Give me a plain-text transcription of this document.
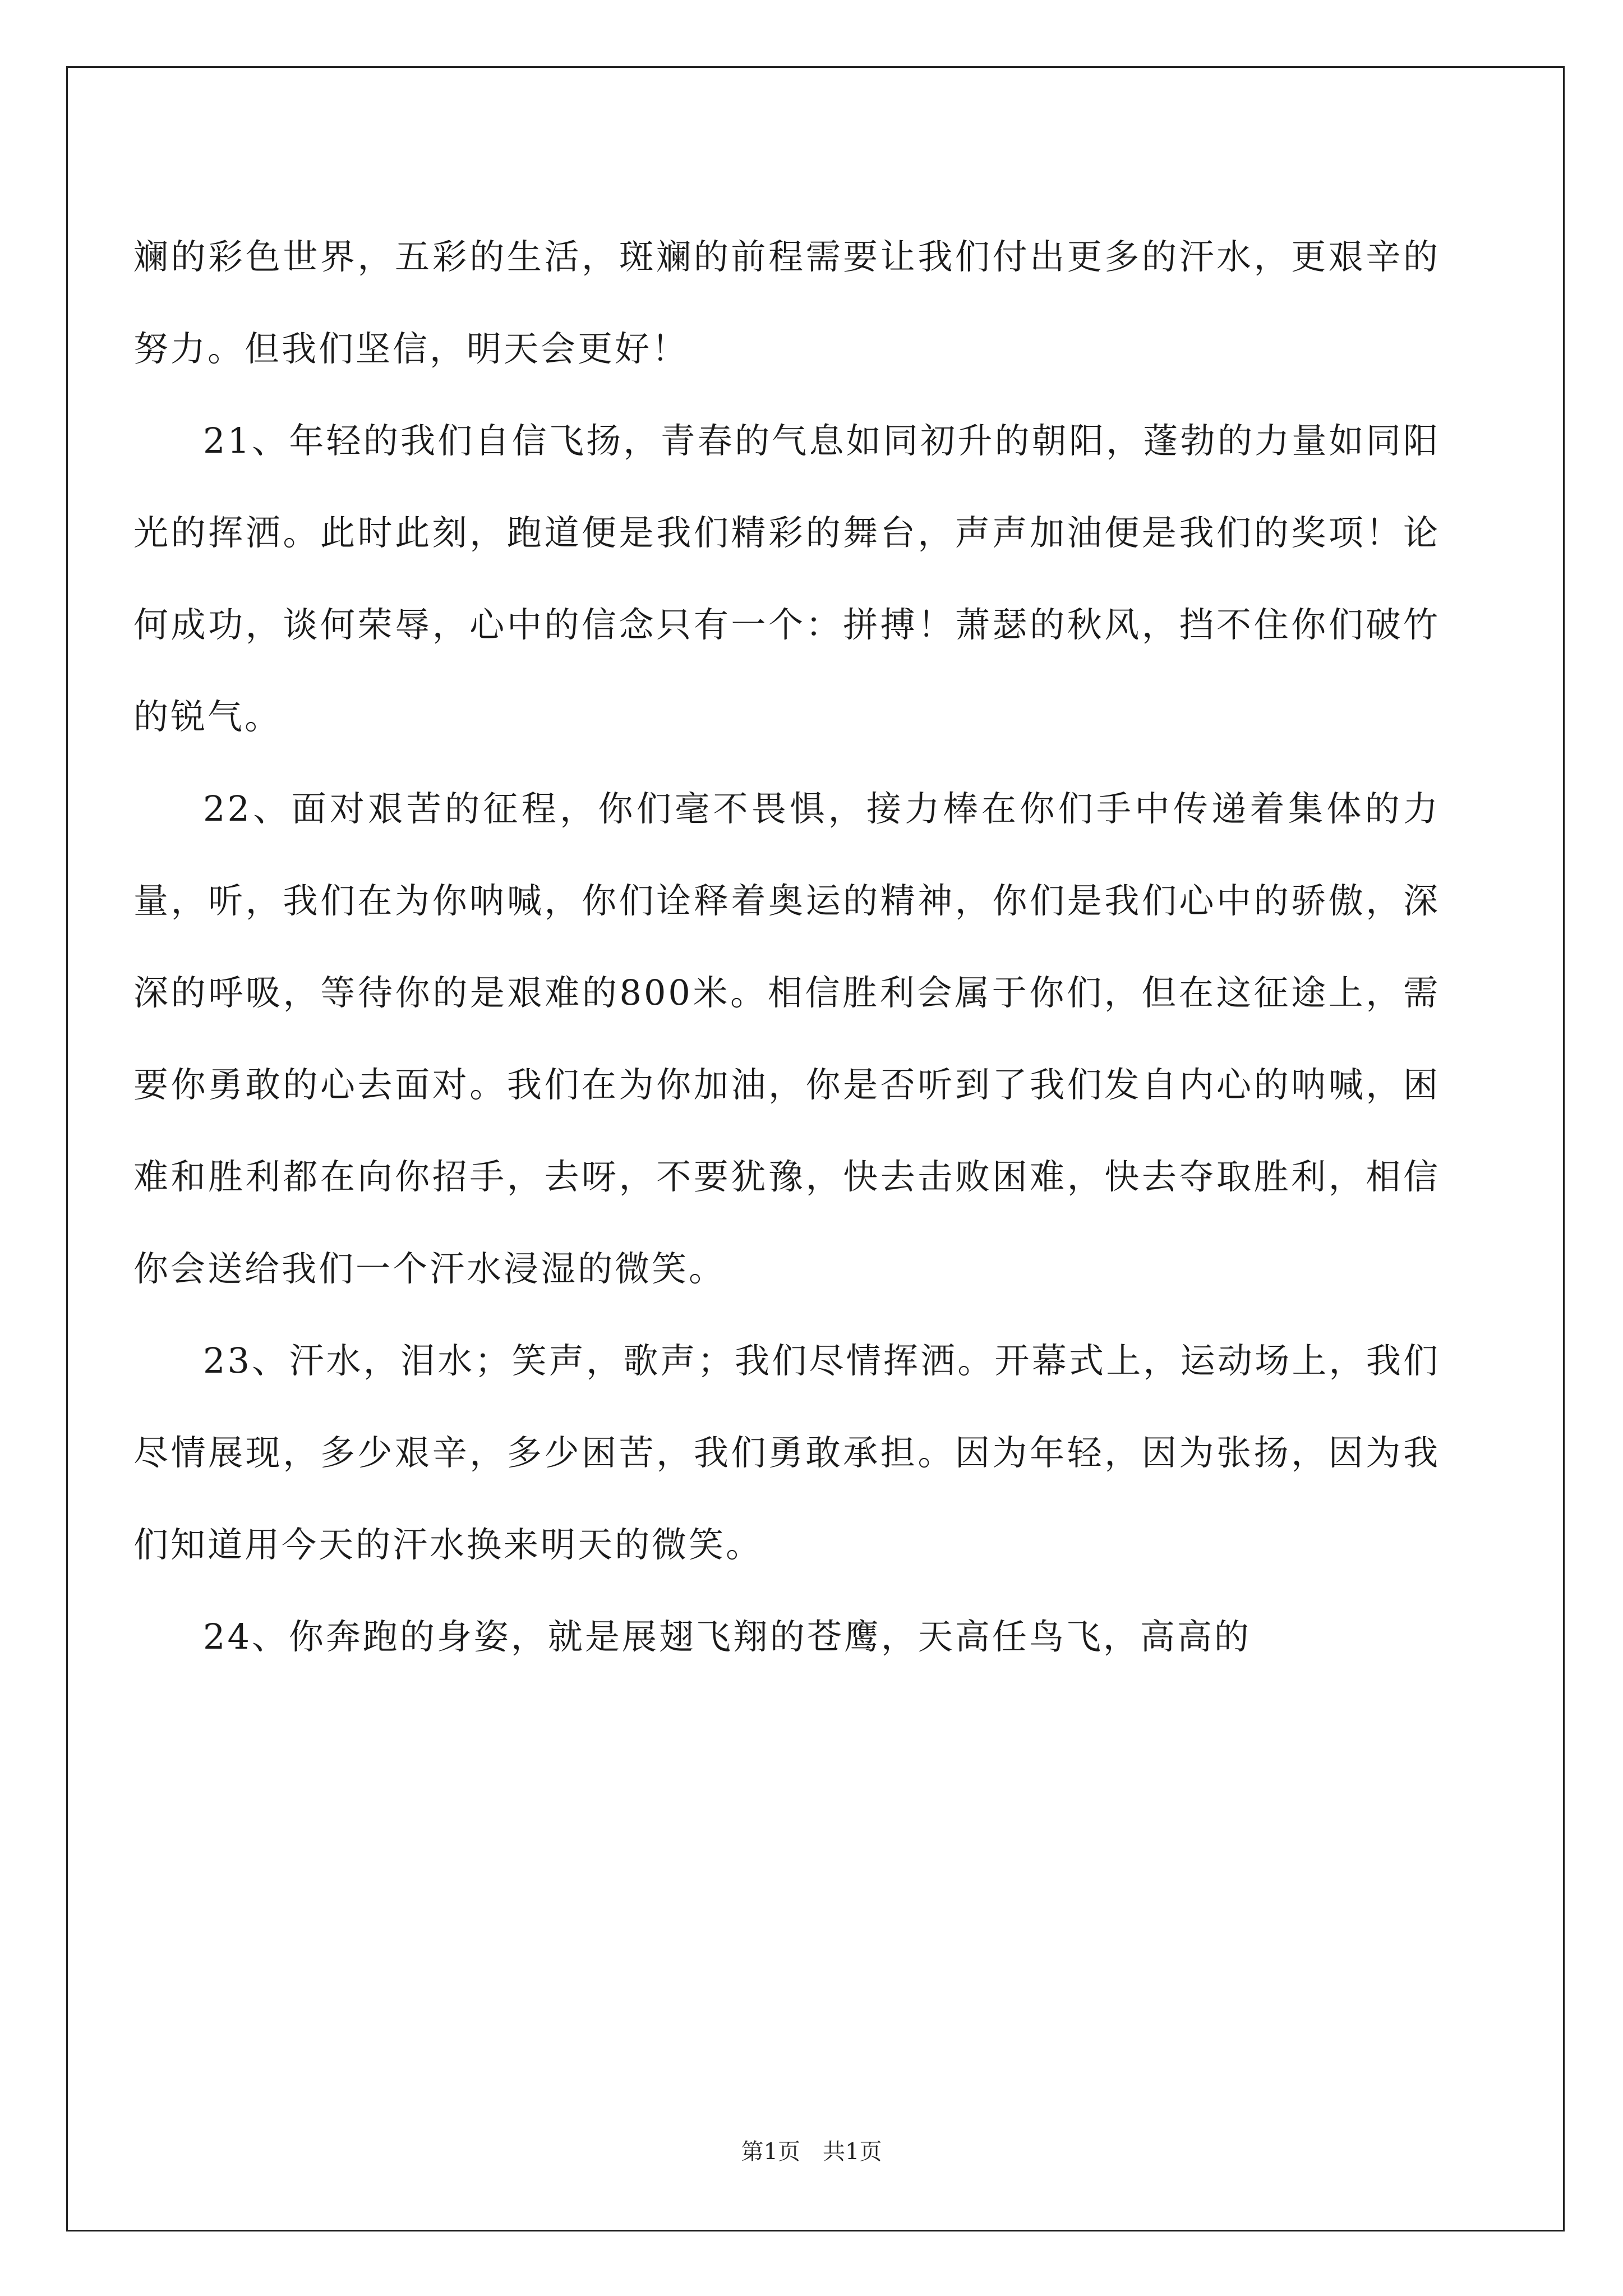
斓的彩色世界，五彩的生活，斑斓的前程需要让我们付出更多的汗水，更艰辛的努力。但我们坚信，明天会更好！

21、年轻的我们自信飞扬，青春的气息如同初升的朝阳，蓬勃的力量如同阳光的挥洒。此时此刻，跑道便是我们精彩的舞台，声声加油便是我们的奖项！论何成功，谈何荣辱，心中的信念只有一个：拼搏！萧瑟的秋风，挡不住你们破竹的锐气。

22、面对艰苦的征程，你们毫不畏惧，接力棒在你们手中传递着集体的力量，听，我们在为你呐喊，你们诠释着奥运的精神，你们是我们心中的骄傲，深深的呼吸，等待你的是艰难的800米。相信胜利会属于你们，但在这征途上，需要你勇敢的心去面对。我们在为你加油，你是否听到了我们发自内心的呐喊，困难和胜利都在向你招手，去呀，不要犹豫，快去击败困难，快去夺取胜利，相信你会送给我们一个汗水浸湿的微笑。

23、汗水，泪水；笑声，歌声；我们尽情挥洒。开幕式上，运动场上，我们尽情展现，多少艰辛，多少困苦，我们勇敢承担。因为年轻，因为张扬，因为我们知道用今天的汗水换来明天的微笑。

24、你奔跑的身姿，就是展翅飞翔的苍鹰，天高任鸟飞，高高的

第1页 共1页
